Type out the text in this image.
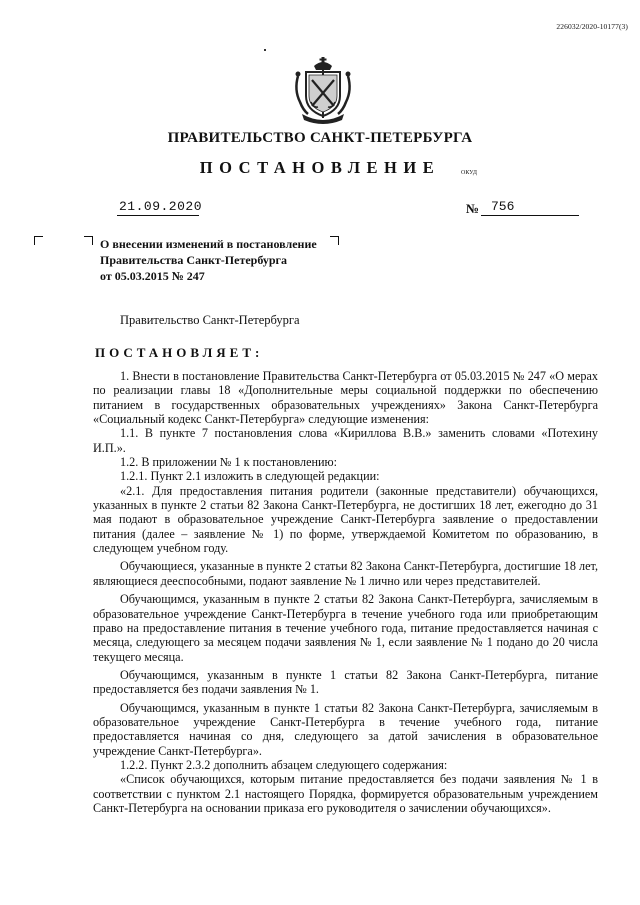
226032/2020-10177(3)
ПРАВИТЕЛЬСТВО САНКТ-ПЕТЕРБУРГА
ПОСТАНОВЛЕНИЕ	ОКУД
21.09.2020	№ 756
О внесении изменений в постановление
Правительства Санкт-Петербурга
от 05.03.2015 № 247
Правительство Санкт-Петербурга
ПОСТАНОВЛЯЕТ:

1. Внести в постановление Правительства Санкт-Петербурга от 05.03.2015 № 247 «О мерах по реализации главы 18 «Дополнительные меры социальной поддержки по обеспечению питанием в государственных образовательных учреждениях» Закона Санкт-Петербурга «Социальный кодекс Санкт-Петербурга» следующие изменения:

1.1. В пункте 7 постановления слова «Кириллова В.В.» заменить словами «Потехину И.П.».

1.2. В приложении № 1 к постановлению:

1.2.1. Пункт 2.1 изложить в следующей редакции:

«2.1. Для предоставления питания родители (законные представители) обучающихся, указанных в пункте 2 статьи 82 Закона Санкт-Петербурга, не достигших 18 лет, ежегодно до 31 мая подают в образовательное учреждение Санкт-Петербурга заявление о предоставлении питания (далее – заявление № 1) по форме, утверждаемой Комитетом по образованию, в следующем учебном году.

Обучающиеся, указанные в пункте 2 статьи 82 Закона Санкт-Петербурга, достигшие 18 лет, являющиеся дееспособными, подают заявление № 1 лично или через представителей.

Обучающимся, указанным в пункте 2 статьи 82 Закона Санкт-Петербурга, зачисляемым в образовательное учреждение Санкт-Петербурга в течение учебного года или приобретающим право на предоставление питания в течение учебного года, питание предоставляется начиная с месяца, следующего за месяцем подачи заявления № 1, если заявление № 1 подано до 20 числа текущего месяца.

Обучающимся, указанным в пункте 1 статьи 82 Закона Санкт-Петербурга, питание предоставляется без подачи заявления № 1.

Обучающимся, указанным в пункте 1 статьи 82 Закона Санкт-Петербурга, зачисляемым в образовательное учреждение Санкт-Петербурга в течение учебного года, питание предоставляется начиная со дня, следующего за датой зачисления в образовательное учреждение Санкт-Петербурга».

1.2.2. Пункт 2.3.2 дополнить абзацем следующего содержания:

«Список обучающихся, которым питание предоставляется без подачи заявления № 1 в соответствии с пунктом 2.1 настоящего Порядка, формируется образовательным учреждением Санкт-Петербурга на основании приказа его руководителя о зачислении обучающихся».
